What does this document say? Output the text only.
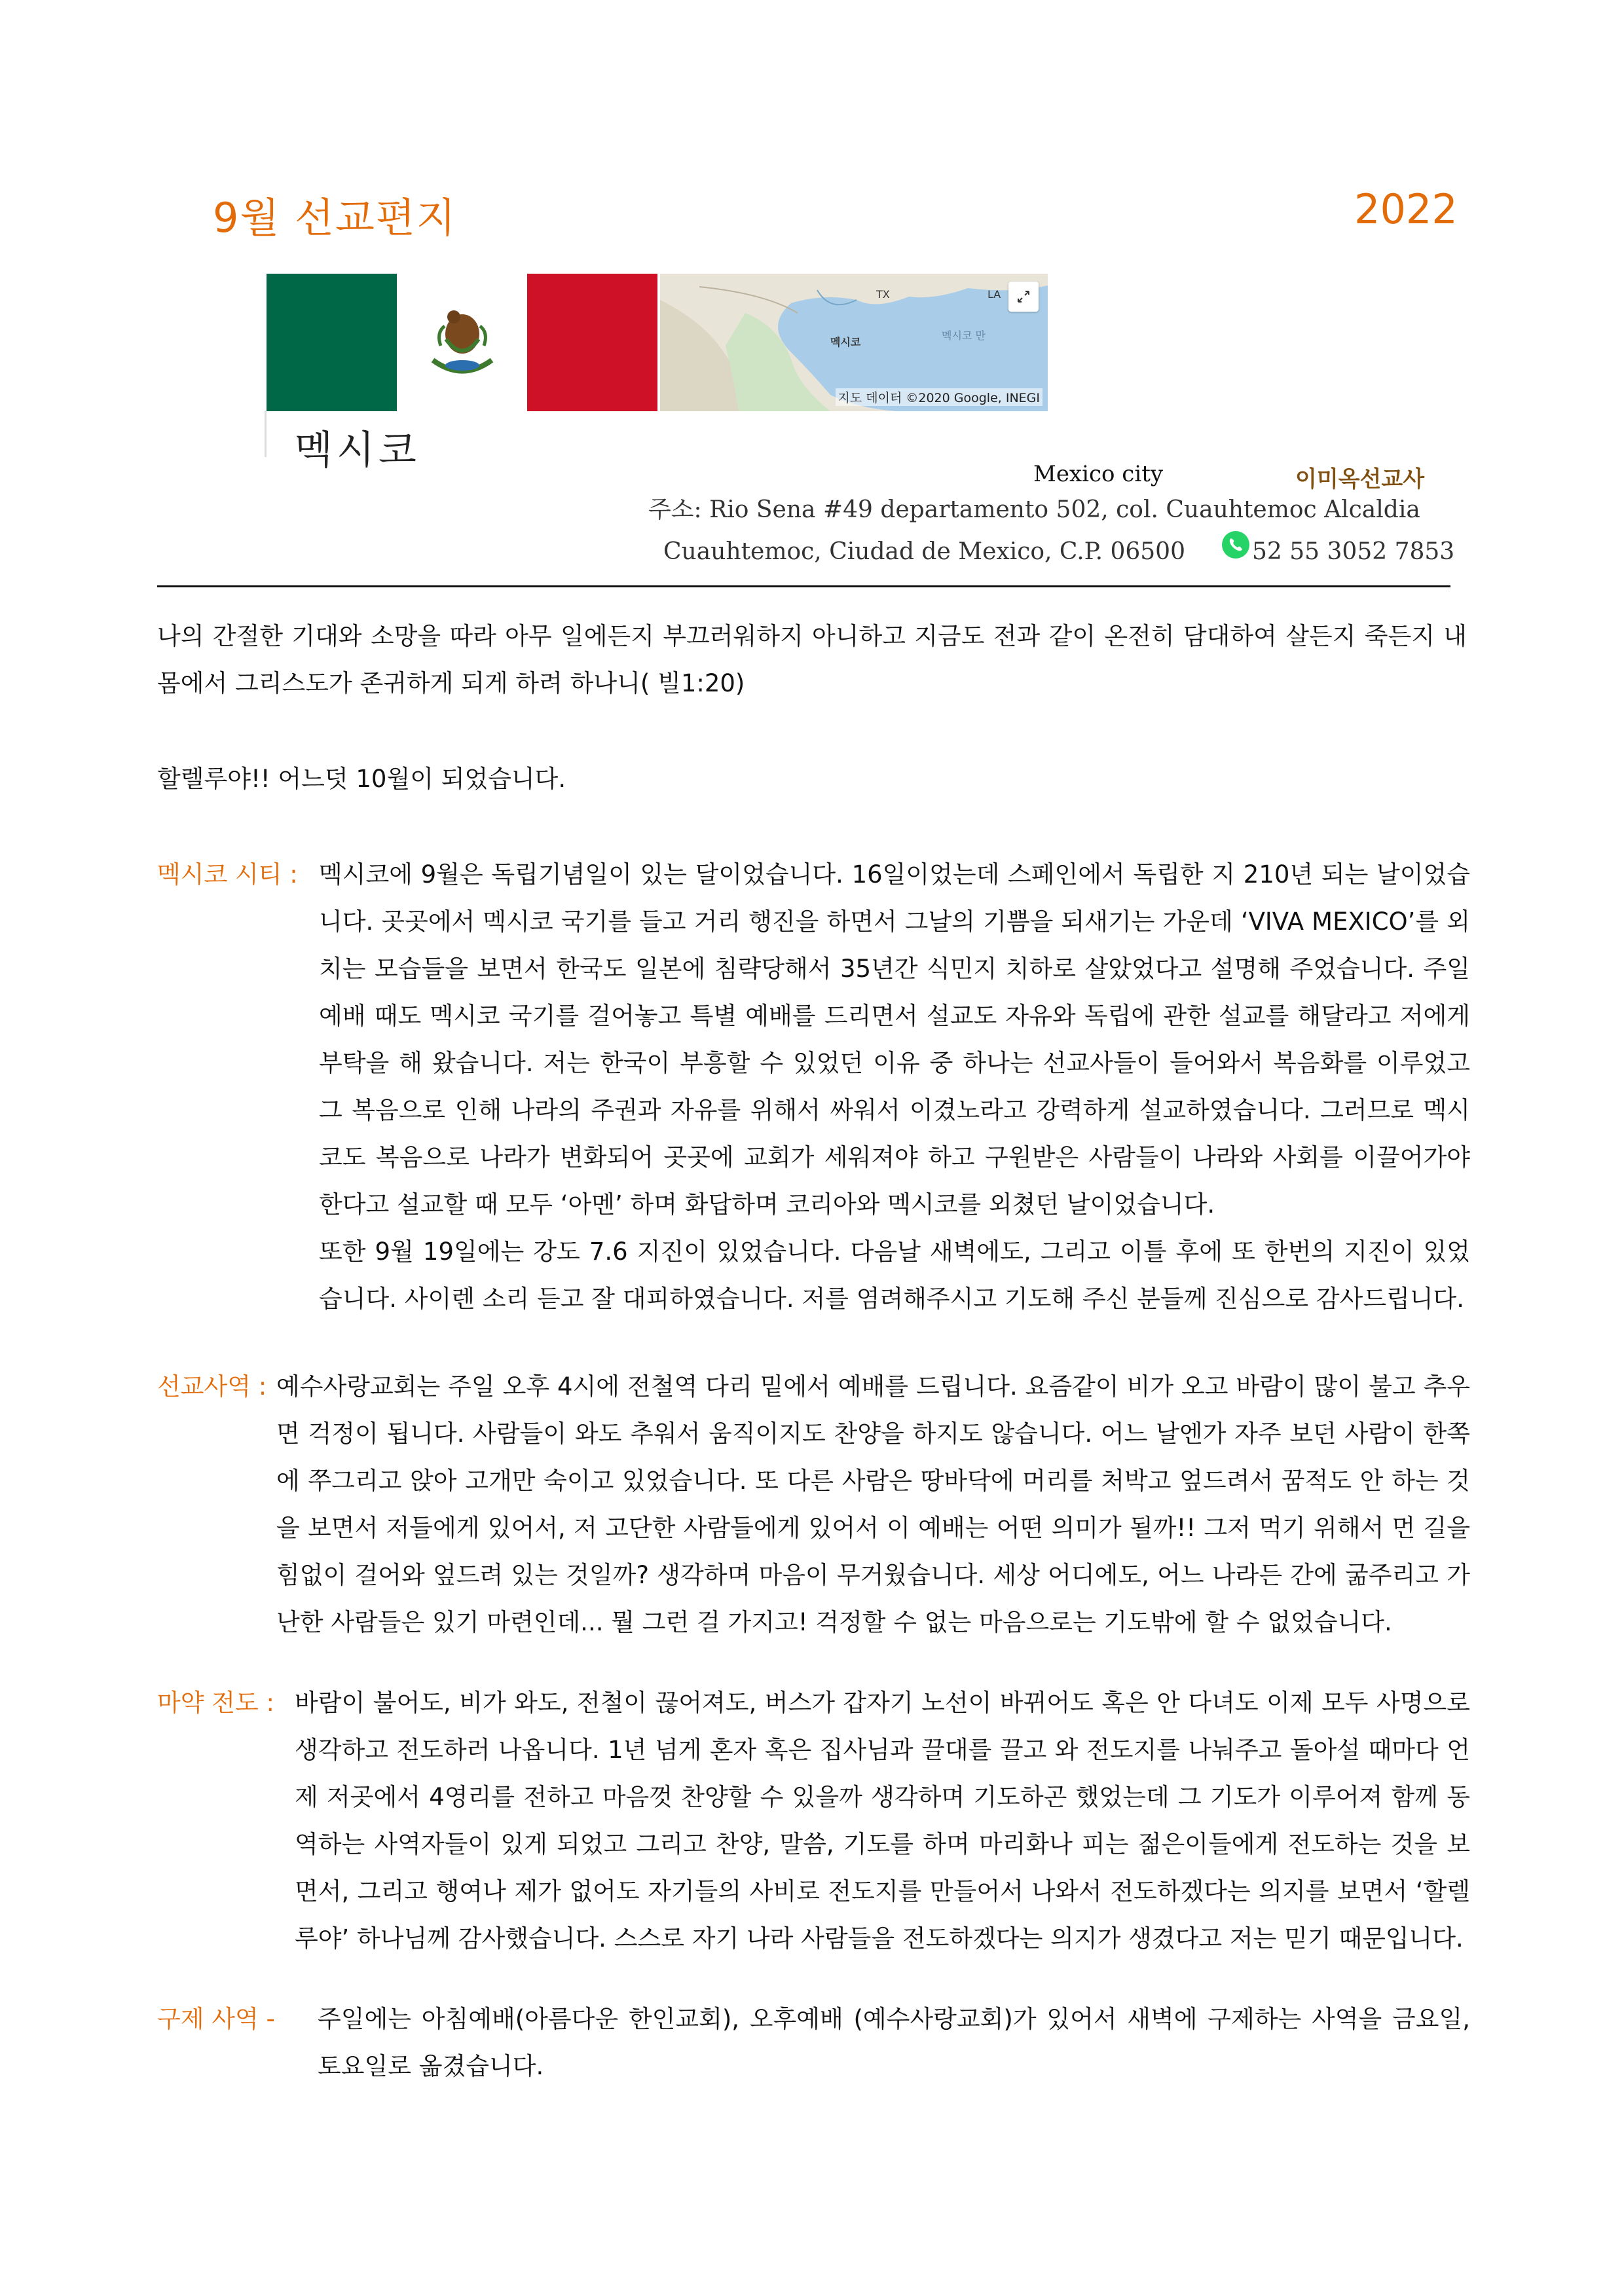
9월 선교편지	2022
멕시코
TX	LA
멕시코
멕시코 만
지도 데이터 ©2020 Google, INEGI
Mexico city	이미옥선교사
주소: Rio Sena #49 departamento 502, col. Cuauhtemoc Alcaldia
Cuauhtemoc, Ciudad de Mexico, C.P. 06500	52 55 3052 7853
나의 간절한 기대와 소망을 따라 아무 일에든지 부끄러워하지 아니하고 지금도 전과 같이 온전히 담대하여 살든지 죽든지 내 몸에서 그리스도가 존귀하게 되게 하려 하나니( 빌1:20)
할렐루야!! 어느덧 10월이 되었습니다.
멕시코 시티 : 멕시코에 9월은 독립기념일이 있는 달이었습니다. 16일이었는데 스페인에서 독립한 지 210년 되는 날이었습니다. 곳곳에서 멕시코 국기를 들고 거리 행진을 하면서 그날의 기쁨을 되새기는 가운데 ‘VIVA MEXICO’를 외치는 모습들을 보면서 한국도 일본에 침략당해서 35년간 식민지 치하로 살았었다고 설명해 주었습니다. 주일 예배 때도 멕시코 국기를 걸어놓고 특별 예배를 드리면서 설교도 자유와 독립에 관한 설교를 해달라고 저에게 부탁을 해 왔습니다. 저는 한국이 부흥할 수 있었던 이유 중 하나는 선교사들이 들어와서 복음화를 이루었고 그 복음으로 인해 나라의 주권과 자유를 위해서 싸워서 이겼노라고 강력하게 설교하였습니다. 그러므로 멕시코도 복음으로 나라가 변화되어 곳곳에 교회가 세워져야 하고 구원받은 사람들이 나라와 사회를 이끌어가야 한다고 설교할 때 모두 ‘아멘’ 하며 화답하며 코리아와 멕시코를 외쳤던 날이었습니다.

또한 9월 19일에는 강도 7.6 지진이 있었습니다. 다음날 새벽에도, 그리고 이틀 후에 또 한번의 지진이 있었습니다. 사이렌 소리 듣고 잘 대피하였습니다. 저를 염려해주시고 기도해 주신 분들께 진심으로 감사드립니다.

선교사역 : 예수사랑교회는 주일 오후 4시에 전철역 다리 밑에서 예배를 드립니다. 요즘같이 비가 오고 바람이 많이 불고 추우면 걱정이 됩니다. 사람들이 와도 추워서 움직이지도 찬양을 하지도 않습니다. 어느 날엔가 자주 보던 사람이 한쪽에 쭈그리고 앉아 고개만 숙이고 있었습니다. 또 다른 사람은 땅바닥에 머리를 처박고 엎드려서 꿈적도 안 하는 것을 보면서 저들에게 있어서, 저 고단한 사람들에게 있어서 이 예배는 어떤 의미가 될까!! 그저 먹기 위해서 먼 길을 힘없이 걸어와 엎드려 있는 것일까? 생각하며 마음이 무거웠습니다. 세상 어디에도, 어느 나라든 간에 굶주리고 가난한 사람들은 있기 마련인데... 뭘 그런 걸 가지고! 걱정할 수 없는 마음으로는 기도밖에 할 수 없었습니다.

마약 전도 : 바람이 불어도, 비가 와도, 전철이 끊어져도, 버스가 갑자기 노선이 바뀌어도 혹은 안 다녀도 이제 모두 사명으로 생각하고 전도하러 나옵니다. 1년 넘게 혼자 혹은 집사님과 끌대를 끌고 와 전도지를 나눠주고 돌아설 때마다 언제 저곳에서 4영리를 전하고 마음껏 찬양할 수 있을까 생각하며 기도하곤 했었는데 그 기도가 이루어져 함께 동역하는 사역자들이 있게 되었고 그리고 찬양, 말씀, 기도를 하며 마리화나 피는 젊은이들에게 전도하는 것을 보면서, 그리고 행여나 제가 없어도 자기들의 사비로 전도지를 만들어서 나와서 전도하겠다는 의지를 보면서 ‘할렐루야’ 하나님께 감사했습니다. 스스로 자기 나라 사람들을 전도하겠다는 의지가 생겼다고 저는 믿기 때문입니다.

구제 사역 - 주일에는 아침예배(아름다운 한인교회), 오후예배 (예수사랑교회)가 있어서 새벽에 구제하는 사역을 금요일, 토요일로 옮겼습니다.
